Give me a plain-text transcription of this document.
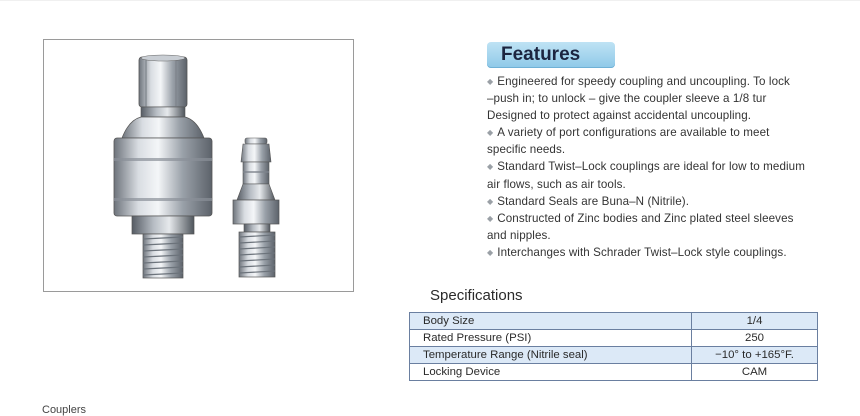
Features
◆ Engineered for speedy coupling and uncoupling. To lock
–push in; to unlock – give the coupler sleeve a 1/8 tur
Designed to protect against accidental uncoupling.
◆ A variety of port configurations are available to meet
specific needs.
◆ Standard Twist–Lock couplings are ideal for low to medium
air flows, such as air tools.
◆ Standard Seals are Buna–N (Nitrile).
◆ Constructed of Zinc bodies and Zinc plated steel sleeves
and nipples.
◆ Interchanges with Schrader Twist–Lock style couplings.
Specifications
Body Size	1/4
Rated Pressure (PSI)	250
Temperature Range (Nitrile seal)	−10° to +165°F.
Locking Device	CAM
Couplers
